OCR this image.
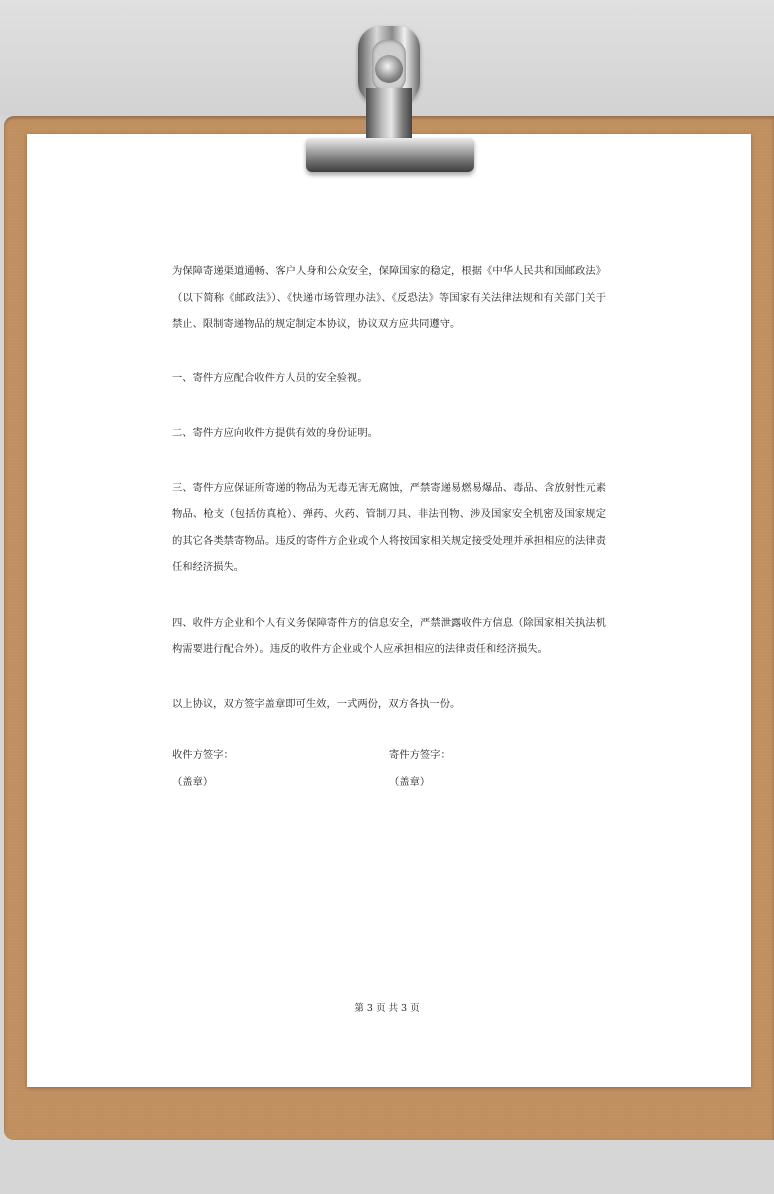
为保障寄递渠道通畅、客户人身和公众安全，保障国家的稳定，根据《中华人民共和国邮政法》（以下简称《邮政法》）、《快递市场管理办法》、《反恐法》等国家有关法律法规和有关部门关于禁止、限制寄递物品的规定制定本协议，协议双方应共同遵守。

一、寄件方应配合收件方人员的安全验视。

二、寄件方应向收件方提供有效的身份证明。

三、寄件方应保证所寄递的物品为无毒无害无腐蚀，严禁寄递易燃易爆品、毒品、含放射性元素物品、枪支（包括仿真枪）、弹药、火药、管制刀具、非法刊物、涉及国家安全机密及国家规定的其它各类禁寄物品。违反的寄件方企业或个人将按国家相关规定接受处理并承担相应的法律责任和经济损失。

四、收件方企业和个人有义务保障寄件方的信息安全，严禁泄露收件方信息（除国家相关执法机构需要进行配合外）。违反的收件方企业或个人应承担相应的法律责任和经济损失。

以上协议，双方签字盖章即可生效，一式两份，双方各执一份。

收件方签字：	寄件方签字：
（盖章）	（盖章）
第 3 页 共 3 页
